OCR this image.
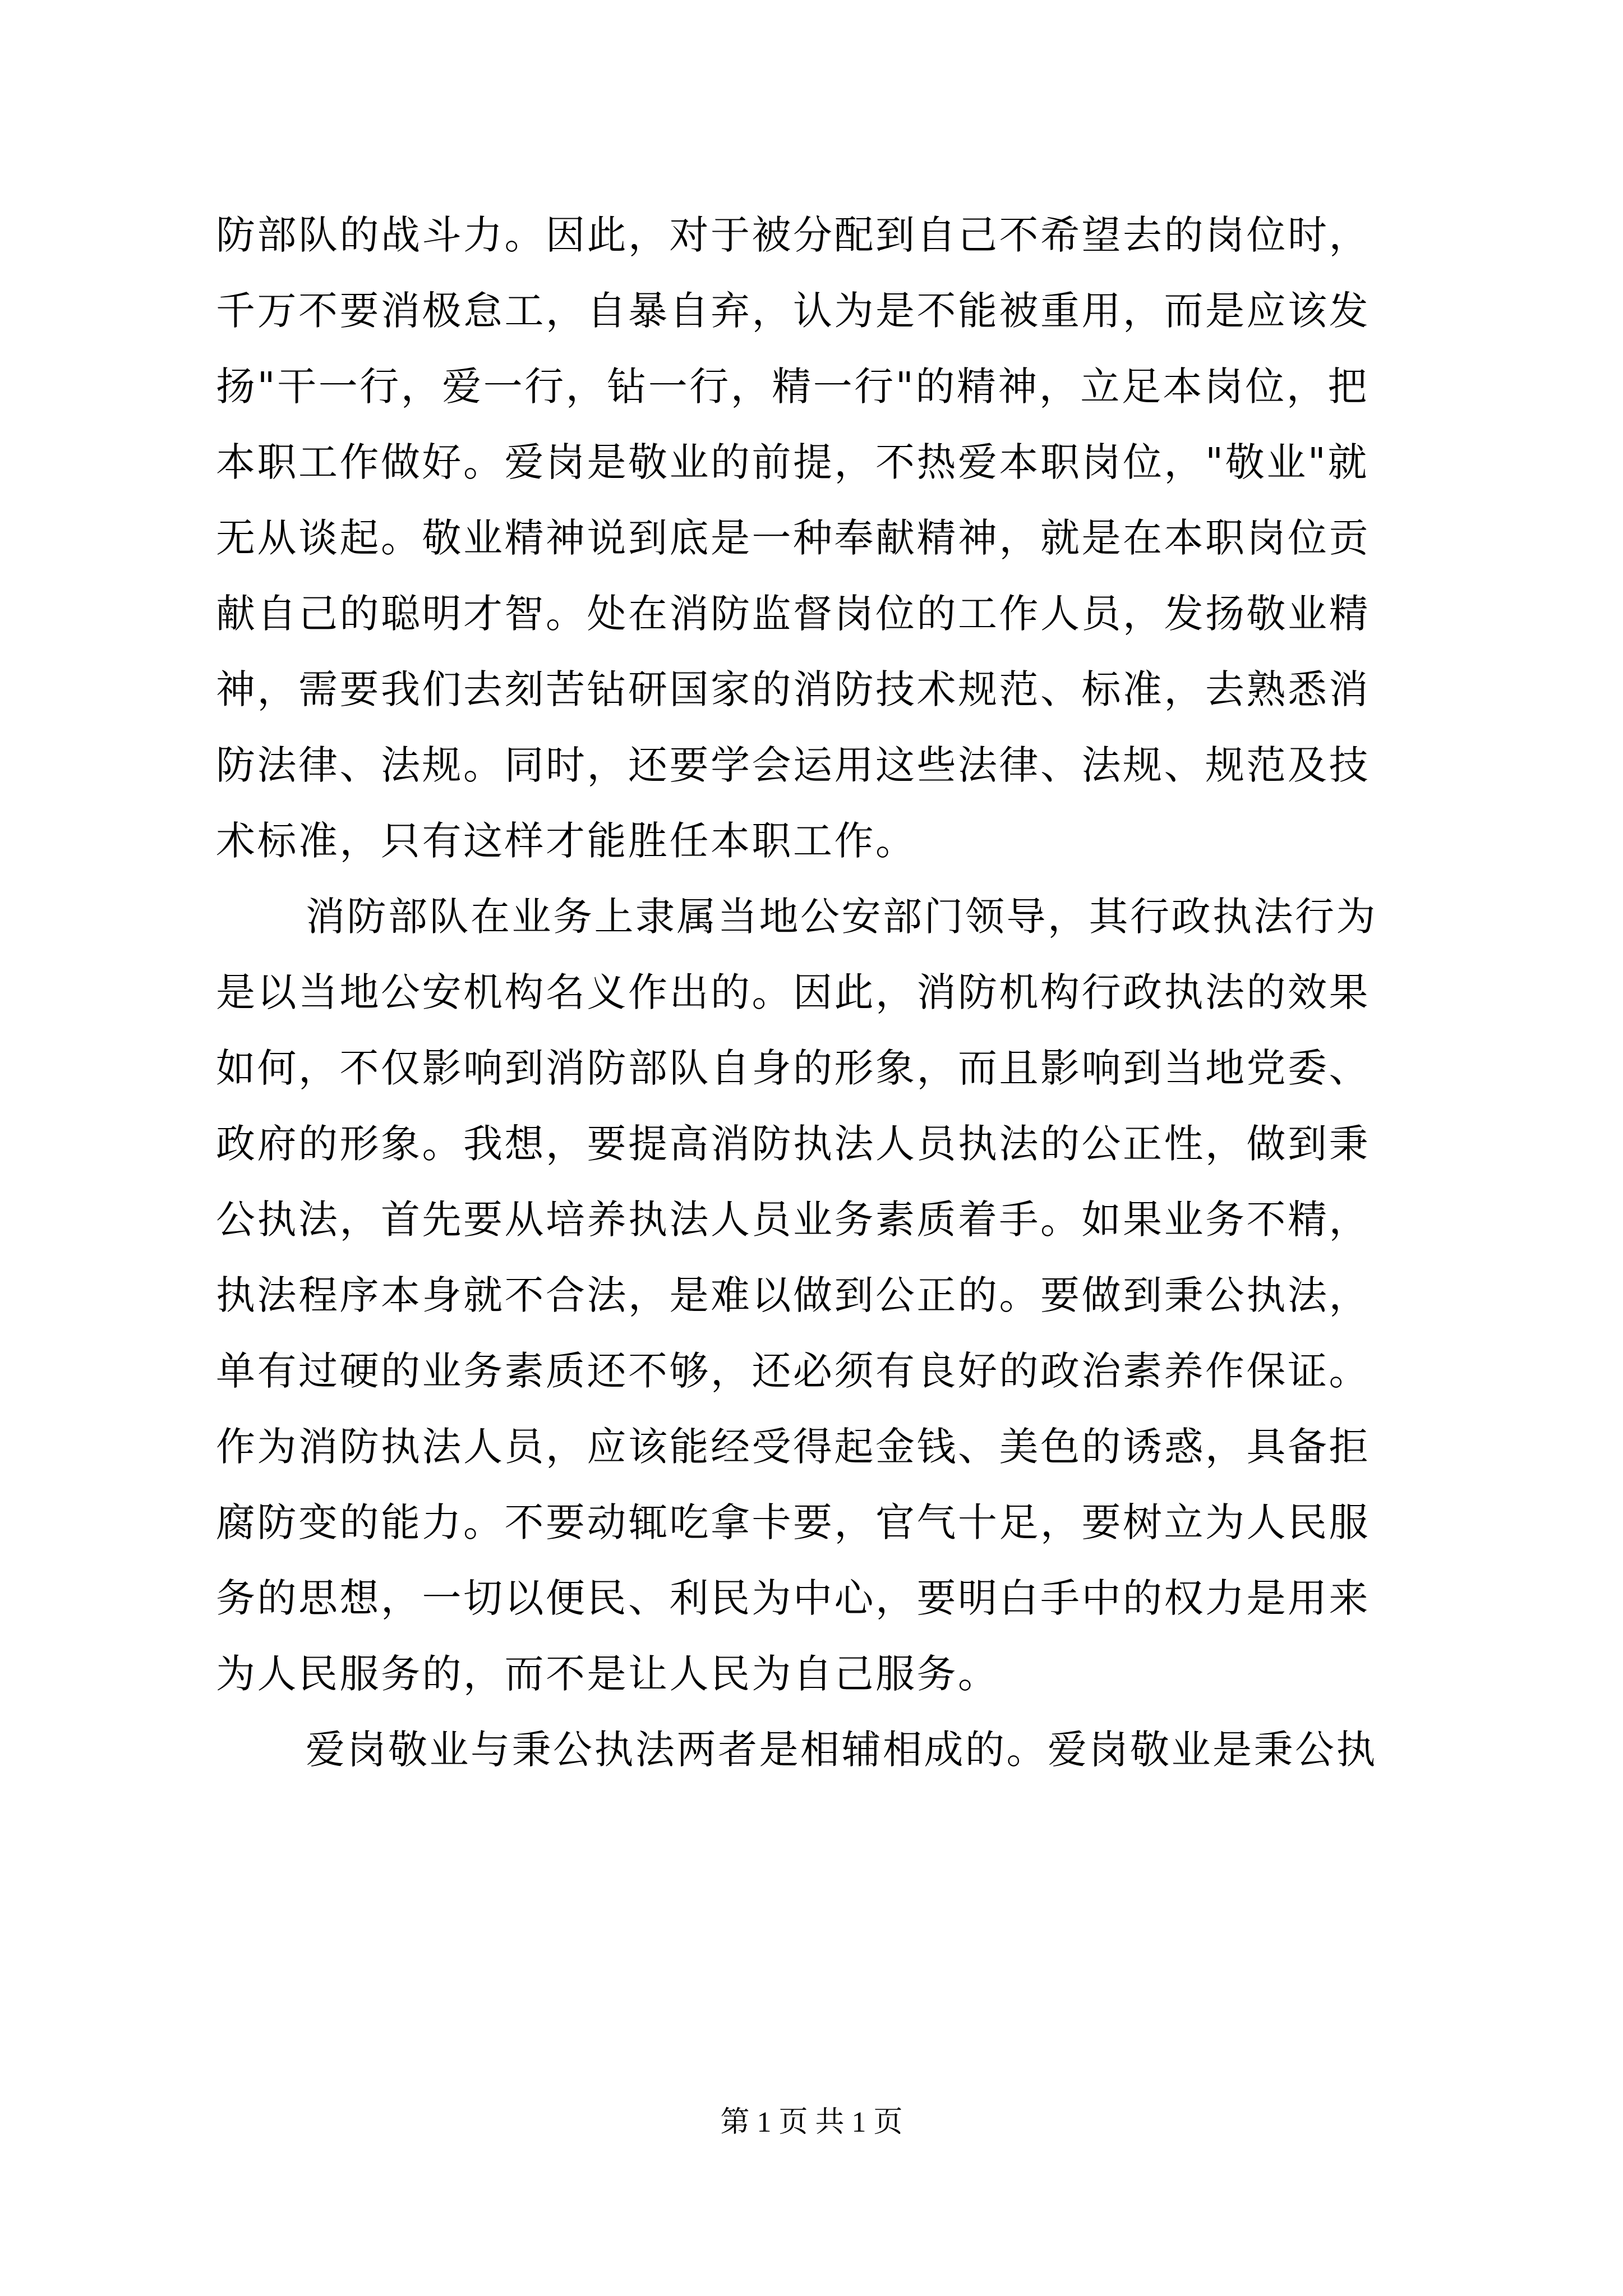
防部队的战斗力。因此，对于被分配到自己不希望去的岗位时，
千万不要消极怠工，自暴自弃，认为是不能被重用，而是应该发
扬"干一行，爱一行，钻一行，精一行"的精神，立足本岗位，把
本职工作做好。爱岗是敬业的前提，不热爱本职岗位，"敬业"就
无从谈起。敬业精神说到底是一种奉献精神，就是在本职岗位贡
献自己的聪明才智。处在消防监督岗位的工作人员，发扬敬业精
神，需要我们去刻苦钻研国家的消防技术规范、标准，去熟悉消
防法律、法规。同时，还要学会运用这些法律、法规、规范及技
术标准，只有这样才能胜任本职工作。
消防部队在业务上隶属当地公安部门领导，其行政执法行为
是以当地公安机构名义作出的。因此，消防机构行政执法的效果
如何，不仅影响到消防部队自身的形象，而且影响到当地党委、
政府的形象。我想，要提高消防执法人员执法的公正性，做到秉
公执法，首先要从培养执法人员业务素质着手。如果业务不精，
执法程序本身就不合法，是难以做到公正的。要做到秉公执法，
单有过硬的业务素质还不够，还必须有良好的政治素养作保证。
作为消防执法人员，应该能经受得起金钱、美色的诱惑，具备拒
腐防变的能力。不要动辄吃拿卡要，官气十足，要树立为人民服
务的思想，一切以便民、利民为中心，要明白手中的权力是用来
为人民服务的，而不是让人民为自己服务。
爱岗敬业与秉公执法两者是相辅相成的。爱岗敬业是秉公执
第 1 页 共 1 页
